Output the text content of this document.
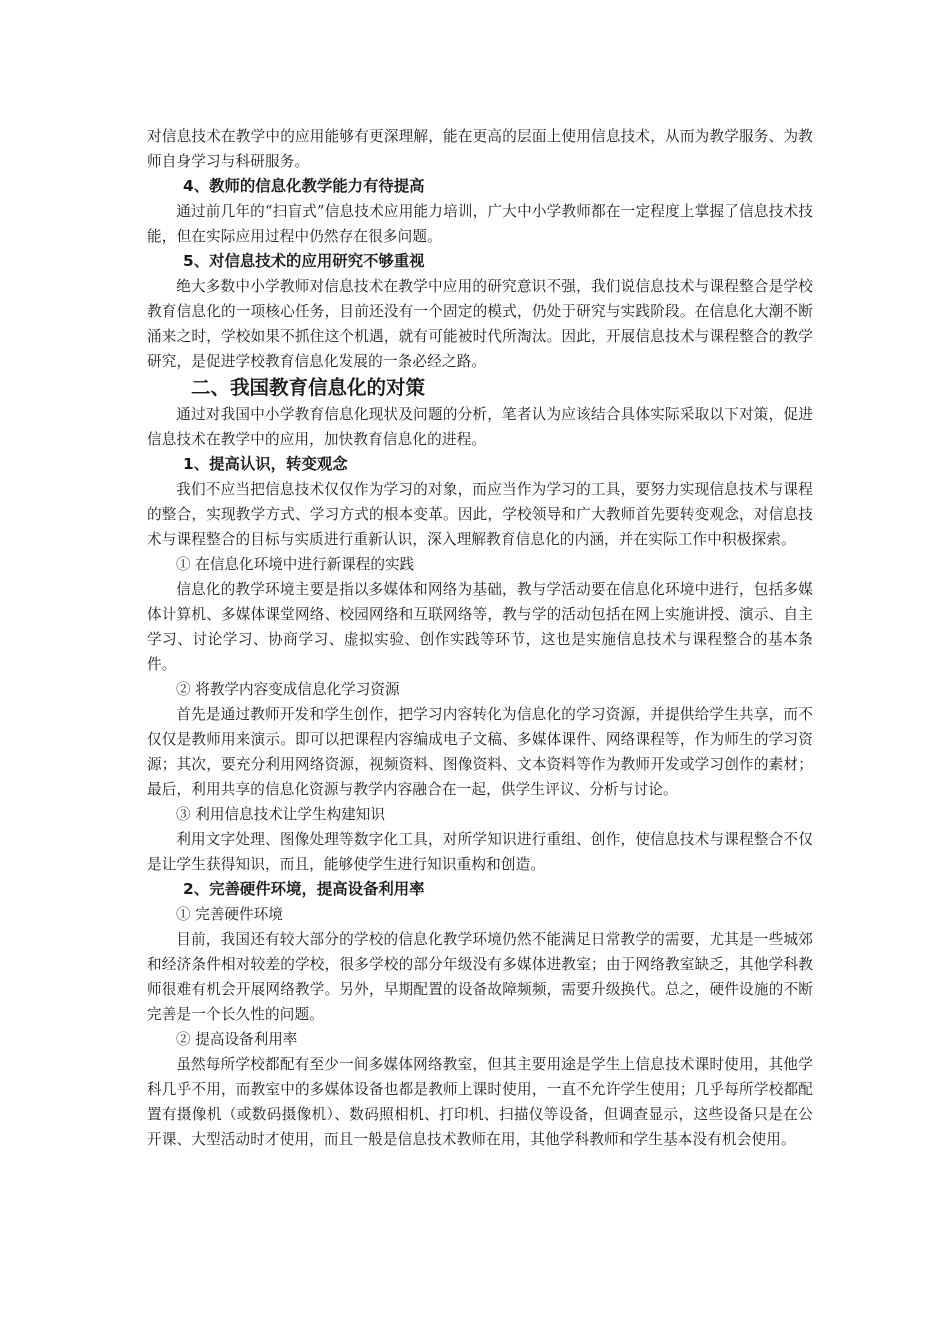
对信息技术在教学中的应用能够有更深理解，能在更高的层面上使用信息技术，从而为教学服务、为教师自身学习与科研服务。

4、教师的信息化教学能力有待提高

通过前几年的“扫盲式”信息技术应用能力培训，广大中小学教师都在一定程度上掌握了信息技术技能，但在实际应用过程中仍然存在很多问题。

5、对信息技术的应用研究不够重视

绝大多数中小学教师对信息技术在教学中应用的研究意识不强，我们说信息技术与课程整合是学校教育信息化的一项核心任务，目前还没有一个固定的模式，仍处于研究与实践阶段。在信息化大潮不断涌来之时，学校如果不抓住这个机遇，就有可能被时代所淘汰。因此，开展信息技术与课程整合的教学研究，是促进学校教育信息化发展的一条必经之路。

二、我国教育信息化的对策

通过对我国中小学教育信息化现状及问题的分析，笔者认为应该结合具体实际采取以下对策，促进信息技术在教学中的应用，加快教育信息化的进程。

1、提高认识，转变观念

我们不应当把信息技术仅仅作为学习的对象，而应当作为学习的工具，要努力实现信息技术与课程的整合，实现教学方式、学习方式的根本变革。因此，学校领导和广大教师首先要转变观念，对信息技术与课程整合的目标与实质进行重新认识，深入理解教育信息化的内涵，并在实际工作中积极探索。

① 在信息化环境中进行新课程的实践

信息化的教学环境主要是指以多媒体和网络为基础，教与学活动要在信息化环境中进行，包括多媒体计算机、多媒体课堂网络、校园网络和互联网络等，教与学的活动包括在网上实施讲授、演示、自主学习、讨论学习、协商学习、虚拟实验、创作实践等环节，这也是实施信息技术与课程整合的基本条件。

② 将教学内容变成信息化学习资源

首先是通过教师开发和学生创作，把学习内容转化为信息化的学习资源，并提供给学生共享，而不仅仅是教师用来演示。即可以把课程内容编成电子文稿、多媒体课件、网络课程等，作为师生的学习资源；其次，要充分利用网络资源，视频资料、图像资料、文本资料等作为教师开发或学习创作的素材；最后，利用共享的信息化资源与教学内容融合在一起，供学生评议、分析与讨论。

③ 利用信息技术让学生构建知识

利用文字处理、图像处理等数字化工具，对所学知识进行重组、创作，使信息技术与课程整合不仅是让学生获得知识，而且，能够使学生进行知识重构和创造。

2、完善硬件环境，提高设备利用率

① 完善硬件环境

目前，我国还有较大部分的学校的信息化教学环境仍然不能满足日常教学的需要，尤其是一些城郊和经济条件相对较差的学校，很多学校的部分年级没有多媒体进教室；由于网络教室缺乏，其他学科教师很难有机会开展网络教学。另外，早期配置的设备故障频频，需要升级换代。总之，硬件设施的不断完善是一个长久性的问题。

② 提高设备利用率

虽然每所学校都配有至少一间多媒体网络教室，但其主要用途是学生上信息技术课时使用，其他学科几乎不用，而教室中的多媒体设备也都是教师上课时使用，一直不允许学生使用；几乎每所学校都配置有摄像机（或数码摄像机）、数码照相机、打印机、扫描仪等设备，但调查显示，这些设备只是在公开课、大型活动时才使用，而且一般是信息技术教师在用，其他学科教师和学生基本没有机会使用。
